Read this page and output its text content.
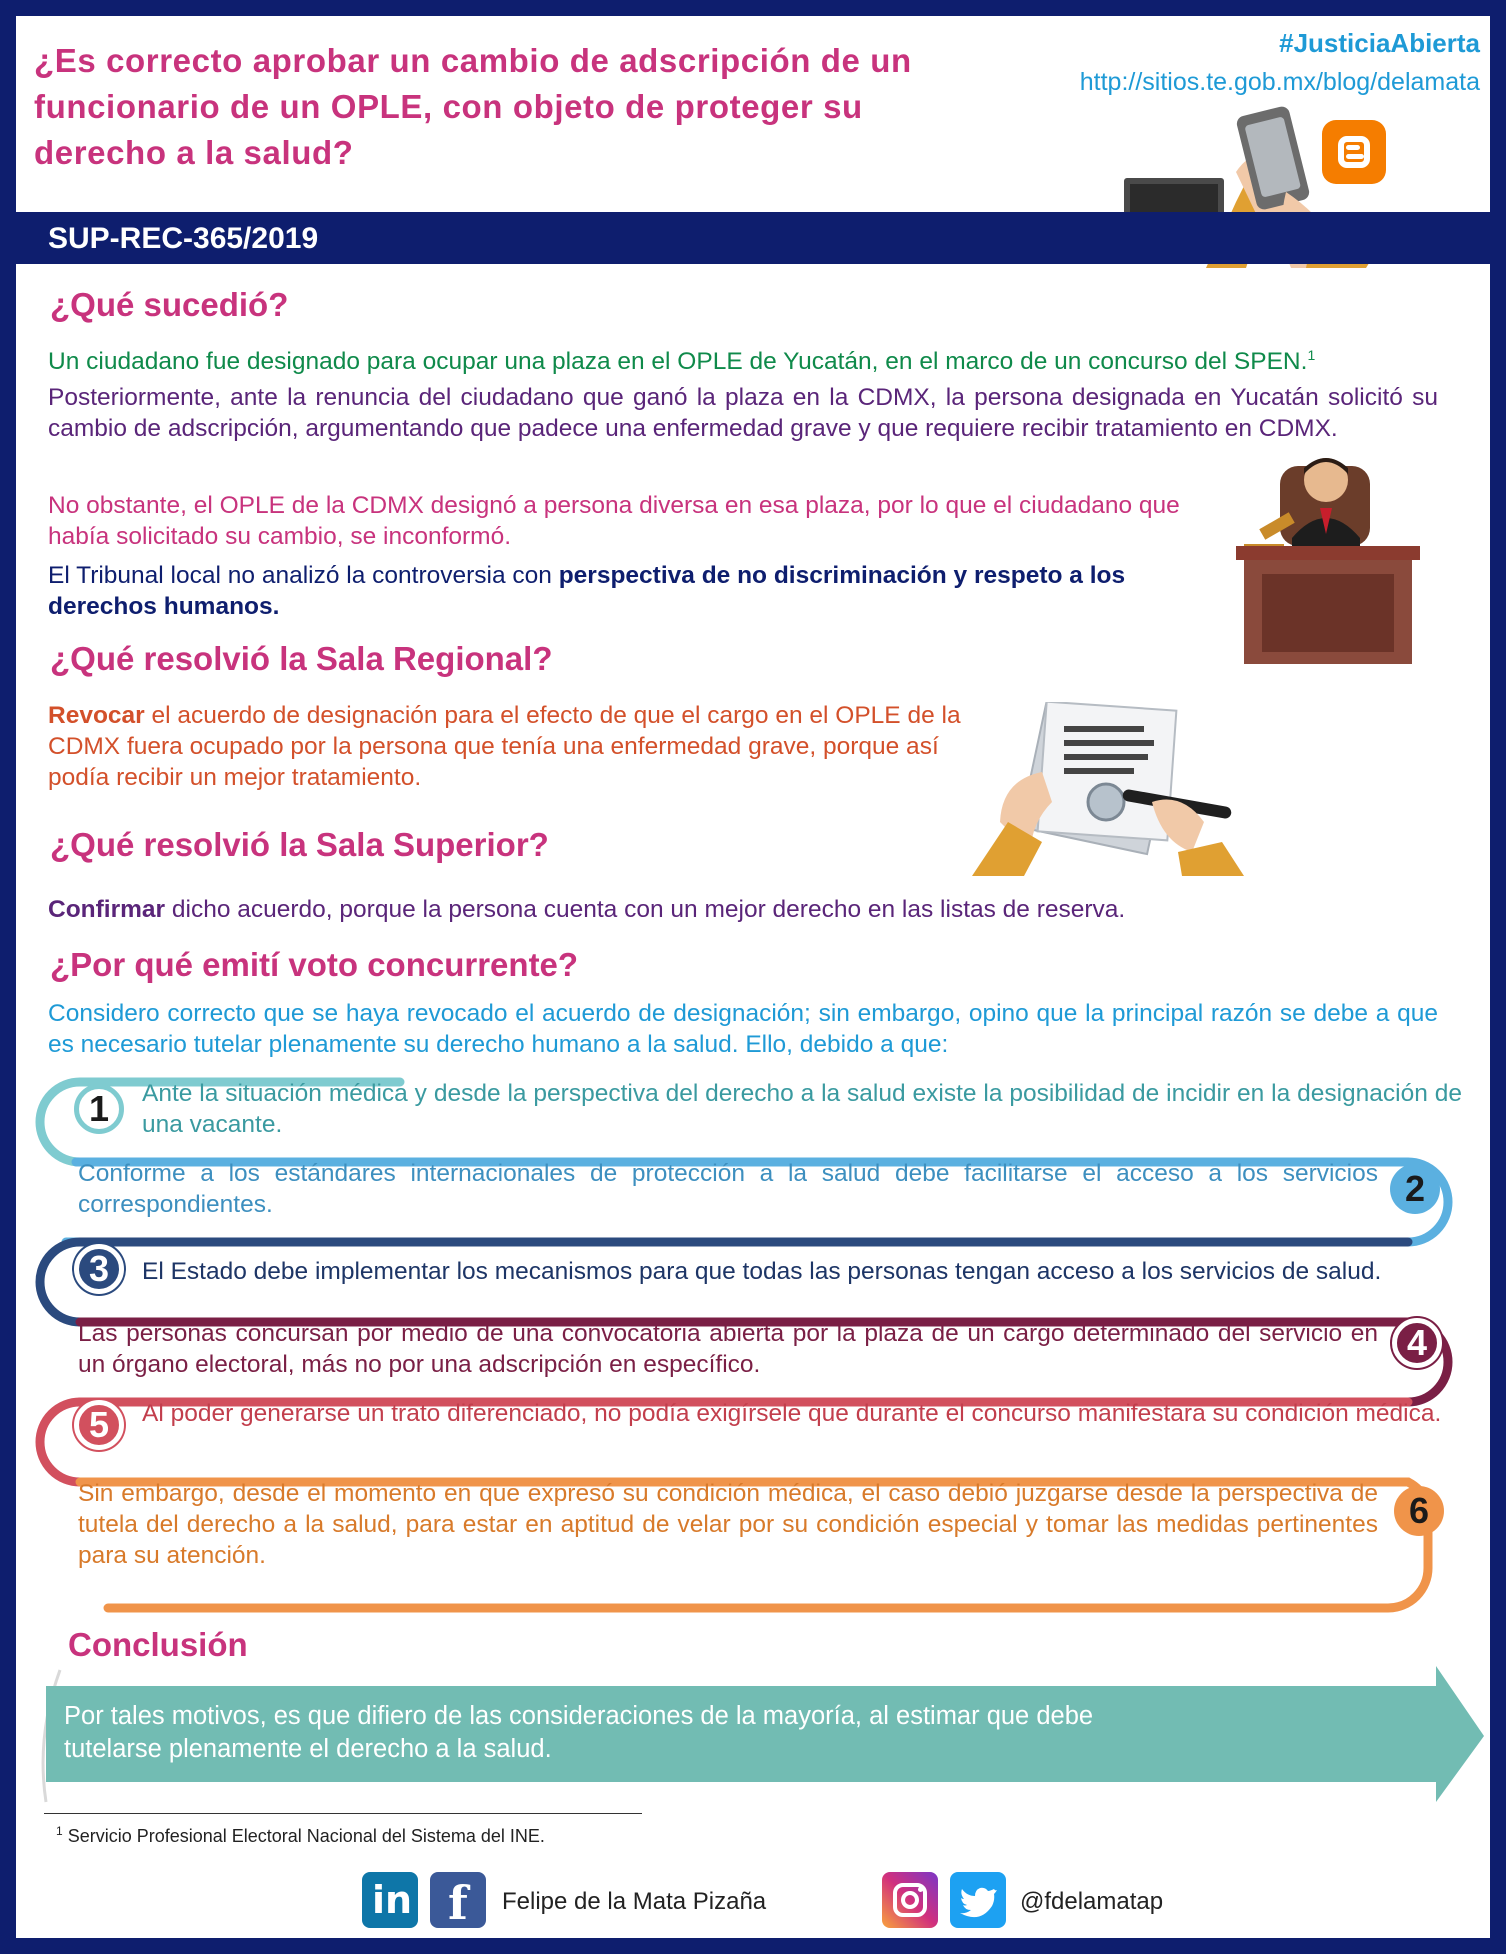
¿Es correcto aprobar un cambio de adscripción de un funcionario de un OPLE, con objeto de proteger su derecho a la salud?
#JusticiaAbierta
http://sitios.te.gob.mx/blog/delamata
SUP-REC-365/2019
¿Qué sucedió?
Un ciudadano fue designado para ocupar una plaza en el OPLE de Yucatán, en el marco de un concurso del SPEN.$^1$
Posteriormente, ante la renuncia del ciudadano que ganó la plaza en la CDMX, la persona designada en Yucatán solicitó su cambio de adscripción, argumentando que padece una enfermedad grave y que requiere recibir tratamiento en CDMX.
No obstante, el OPLE de la CDMX designó a persona diversa en esa plaza, por lo que el ciudadano que había solicitado su cambio, se inconformó.
El Tribunal local no analizó la controversia con perspectiva de no discriminación y respeto a los derechos humanos.
¿Qué resolvió la Sala Regional?
Revocar el acuerdo de designación para el efecto de que el cargo en el OPLE de la CDMX fuera ocupado por la persona que tenía una enfermedad grave, porque así podía recibir un mejor tratamiento.
¿Qué resolvió la Sala Superior?
Confirmar dicho acuerdo, porque la persona cuenta con un mejor derecho en las listas de reserva.
¿Por qué emití voto concurrente?
Considero correcto que se haya revocado el acuerdo de designación; sin embargo, opino que la principal razón se debe a que es necesario tutelar plenamente su derecho humano a la salud. Ello, debido a que:
1	Ante la situación médica y desde la perspectiva del derecho a la salud existe la posibilidad de incidir en la designación de una vacante.
Conforme a los estándares internacionales de protección a la salud debe facilitarse el acceso a los servicios correspondientes.	2
3	El Estado debe implementar los mecanismos para que todas las personas tengan acceso a los servicios de salud.
Las personas concursan por medio de una convocatoria abierta por la plaza de un cargo determinado del servicio en un órgano electoral, más no por una adscripción en específico.
4
5	Al poder generarse un trato diferenciado, no podía exigírsele que durante el concurso manifestara su condición médica.
Sin embargo, desde el momento en que expresó su condición médica, el caso debió juzgarse desde la perspectiva de tutela del derecho a la salud, para estar en aptitud de velar por su condición especial y tomar las medidas pertinentes para su atención.
6
Conclusión
Por tales motivos, es que difiero de las consideraciones de la mayoría, al estimar que debe tutelarse plenamente el derecho a la salud.
$^1$ Servicio Profesional Electoral Nacional del Sistema del INE.
in f Felipe de la Mata Pizaña	@fdelamatap
